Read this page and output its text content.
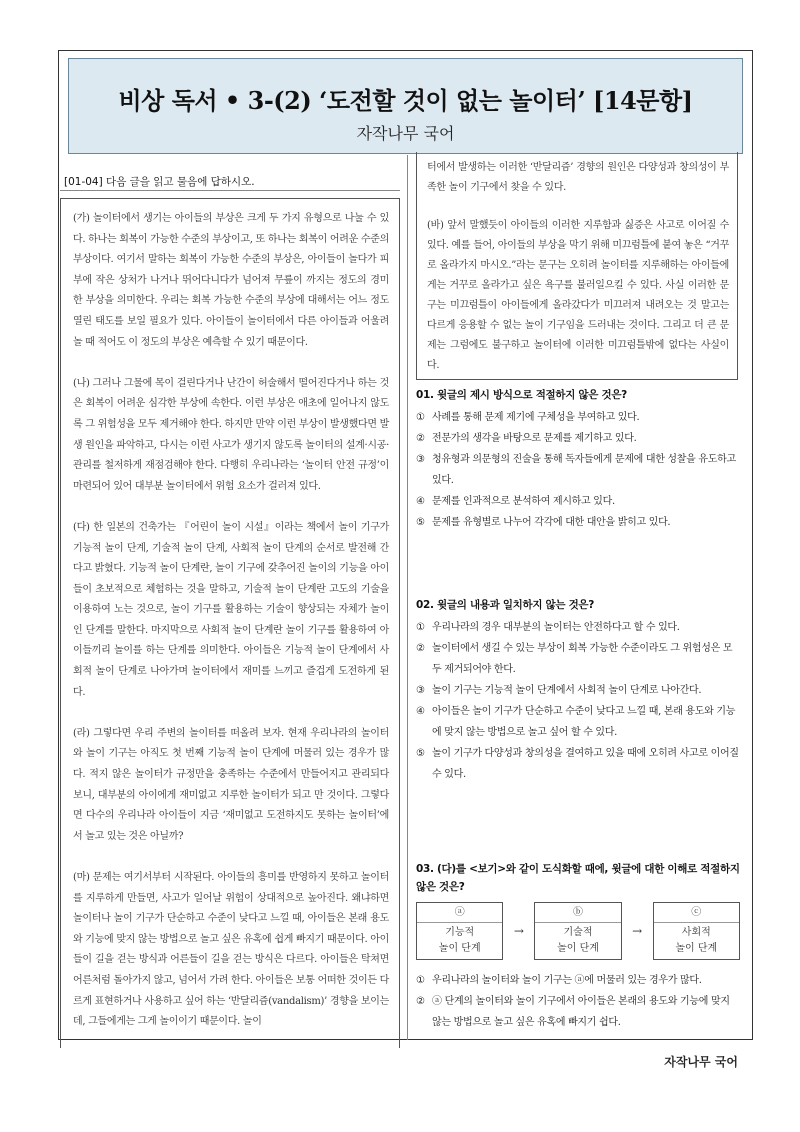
비상 독서 • 3-(2) ‘도전할 것이 없는 놀이터’ [14문항]
자작나무 국어
[01-04] 다음 글을 읽고 물음에 답하시오.

(가) 놀이터에서 생기는 아이들의 부상은 크게 두 가지 유형으로 나눌 수 있다. 하나는 회복이 가능한 수준의 부상이고, 또 하나는 회복이 어려운 수준의 부상이다. 여기서 말하는 회복이 가능한 수준의 부상은, 아이들이 놀다가 피부에 작은 상처가 나거나 뛰어다니다가 넘어져 무릎이 까지는 정도의 경미한 부상을 의미한다. 우리는 회복 가능한 수준의 부상에 대해서는 어느 정도 열린 태도를 보일 필요가 있다. 아이들이 놀이터에서 다른 아이들과 어울려 놀 때 적어도 이 정도의 부상은 예측할 수 있기 때문이다.

(나) 그러나 그물에 목이 걸린다거나 난간이 허술해서 떨어진다거나 하는 것은 회복이 어려운 심각한 부상에 속한다. 이런 부상은 애초에 일어나지 않도록 그 위험성을 모두 제거해야 한다. 하지만 만약 이런 부상이 발생했다면 발생 원인을 파악하고, 다시는 이런 사고가 생기지 않도록 놀이터의 설계·시공·관리를 철저하게 재점검해야 한다. 다행히 우리나라는 ‘놀이터 안전 규정’이 마련되어 있어 대부분 놀이터에서 위험 요소가 걸러져 있다.

(다) 한 일본의 건축가는 『어린이 놀이 시설』이라는 책에서 놀이 기구가 기능적 놀이 단계, 기술적 놀이 단계, 사회적 놀이 단계의 순서로 발전해 간다고 밝혔다. 기능적 놀이 단계란, 놀이 기구에 갖추어진 놀이의 기능을 아이들이 초보적으로 체험하는 것을 말하고, 기술적 놀이 단계란 고도의 기술을 이용하여 노는 것으로, 놀이 기구를 활용하는 기술이 향상되는 자체가 놀이인 단계를 말한다. 마지막으로 사회적 놀이 단계란 놀이 기구를 활용하여 아이들끼리 놀이를 하는 단계를 의미한다. 아이들은 기능적 놀이 단계에서 사회적 놀이 단계로 나아가며 놀이터에서 재미를 느끼고 즐겁게 도전하게 된다.

(라) 그렇다면 우리 주변의 놀이터를 떠올려 보자. 현재 우리나라의 놀이터와 놀이 기구는 아직도 첫 번째 기능적 놀이 단계에 머물러 있는 경우가 많다. 적지 않은 놀이터가 규정만을 충족하는 수준에서 만들어지고 관리되다 보니, 대부분의 아이에게 재미없고 지루한 놀이터가 되고 만 것이다. 그렇다면 다수의 우리나라 아이들이 지금 ‘재미없고 도전하지도 못하는 놀이터’에서 놀고 있는 것은 아닐까?

(마) 문제는 여기서부터 시작된다. 아이들의 흥미를 반영하지 못하고 놀이터를 지루하게 만들면, 사고가 일어날 위험이 상대적으로 높아진다. 왜냐하면 놀이터나 놀이 기구가 단순하고 수준이 낮다고 느낄 때, 아이들은 본래 용도와 기능에 맞지 않는 방법으로 놀고 싶은 유혹에 쉽게 빠지기 때문이다. 아이들이 길을 걷는 방식과 어른들이 길을 걷는 방식은 다르다. 아이들은 탁쳐면 어른처럼 돌아가지 않고, 넘어서 가려 한다. 아이들은 보통 어떠한 것이든 다르게 표현하거나 사용하고 싶어 하는 ‘반달리즘(vandalism)’ 경향을 보이는데, 그들에게는 그게 놀이이기 때문이다. 놀이

터에서 발생하는 이러한 ‘반달리즘’ 경향의 원인은 다양성과 창의성이 부족한 놀이 기구에서 찾을 수 있다.

(바) 앞서 말했듯이 아이들의 이러한 지루함과 싫증은 사고로 이어질 수 있다. 예를 들어, 아이들의 부상을 막기 위해 미끄럼틀에 붙여 놓은 “거꾸로 올라가지 마시오.”라는 문구는 오히려 놀이터를 지루해하는 아이들에게는 거꾸로 올라가고 싶은 욕구를 불러일으킬 수 있다. 사실 이러한 문구는 미끄럼틀이 아이들에게 올라갔다가 미끄러져 내려오는 것 말고는 다르게 응용할 수 없는 놀이 기구임을 드러내는 것이다. 그리고 더 큰 문제는 그럼에도 불구하고 놀이터에 이러한 미끄럼틀밖에 없다는 사실이다.

01. 윗글의 제시 방식으로 적절하지 않은 것은?
① 사례를 통해 문제 제기에 구체성을 부여하고 있다.
② 전문가의 생각을 바탕으로 문제를 제기하고 있다.
③ 청유형과 의문형의 진술을 통해 독자들에게 문제에 대한 성찰을 유도하고 있다.
④ 문제를 인과적으로 분석하여 제시하고 있다.
⑤ 문제를 유형별로 나누어 각각에 대한 대안을 밝히고 있다.
02. 윗글의 내용과 일치하지 않는 것은?
① 우리나라의 경우 대부분의 놀이터는 안전하다고 할 수 있다.
② 놀이터에서 생길 수 있는 부상이 회복 가능한 수준이라도 그 위험성은 모두 제거되어야 한다.
③ 놀이 기구는 기능적 놀이 단계에서 사회적 놀이 단계로 나아간다.
④ 아이들은 놀이 기구가 단순하고 수준이 낮다고 느낄 때, 본래 용도와 기능에 맞지 않는 방법으로 놀고 싶어 할 수 있다.
⑤ 놀이 기구가 다양성과 창의성을 결여하고 있을 때에 오히려 사고로 이어질 수 있다.
03. (다)를 <보기>와 같이 도식화할 때에, 윗글에 대한 이해로 적절하지 않은 것은?
ⓐ
기능적
놀이 단계
→
ⓑ
기술적
놀이 단계
→
ⓒ
사회적
놀이 단계
① 우리나라의 놀이터와 놀이 기구는 ⓐ에 머물러 있는 경우가 많다.
② ⓐ 단계의 놀이터와 놀이 기구에서 아이들은 본래의 용도와 기능에 맞지 않는 방법으로 놀고 싶은 유혹에 빠지기 쉽다.
자작나무 국어
